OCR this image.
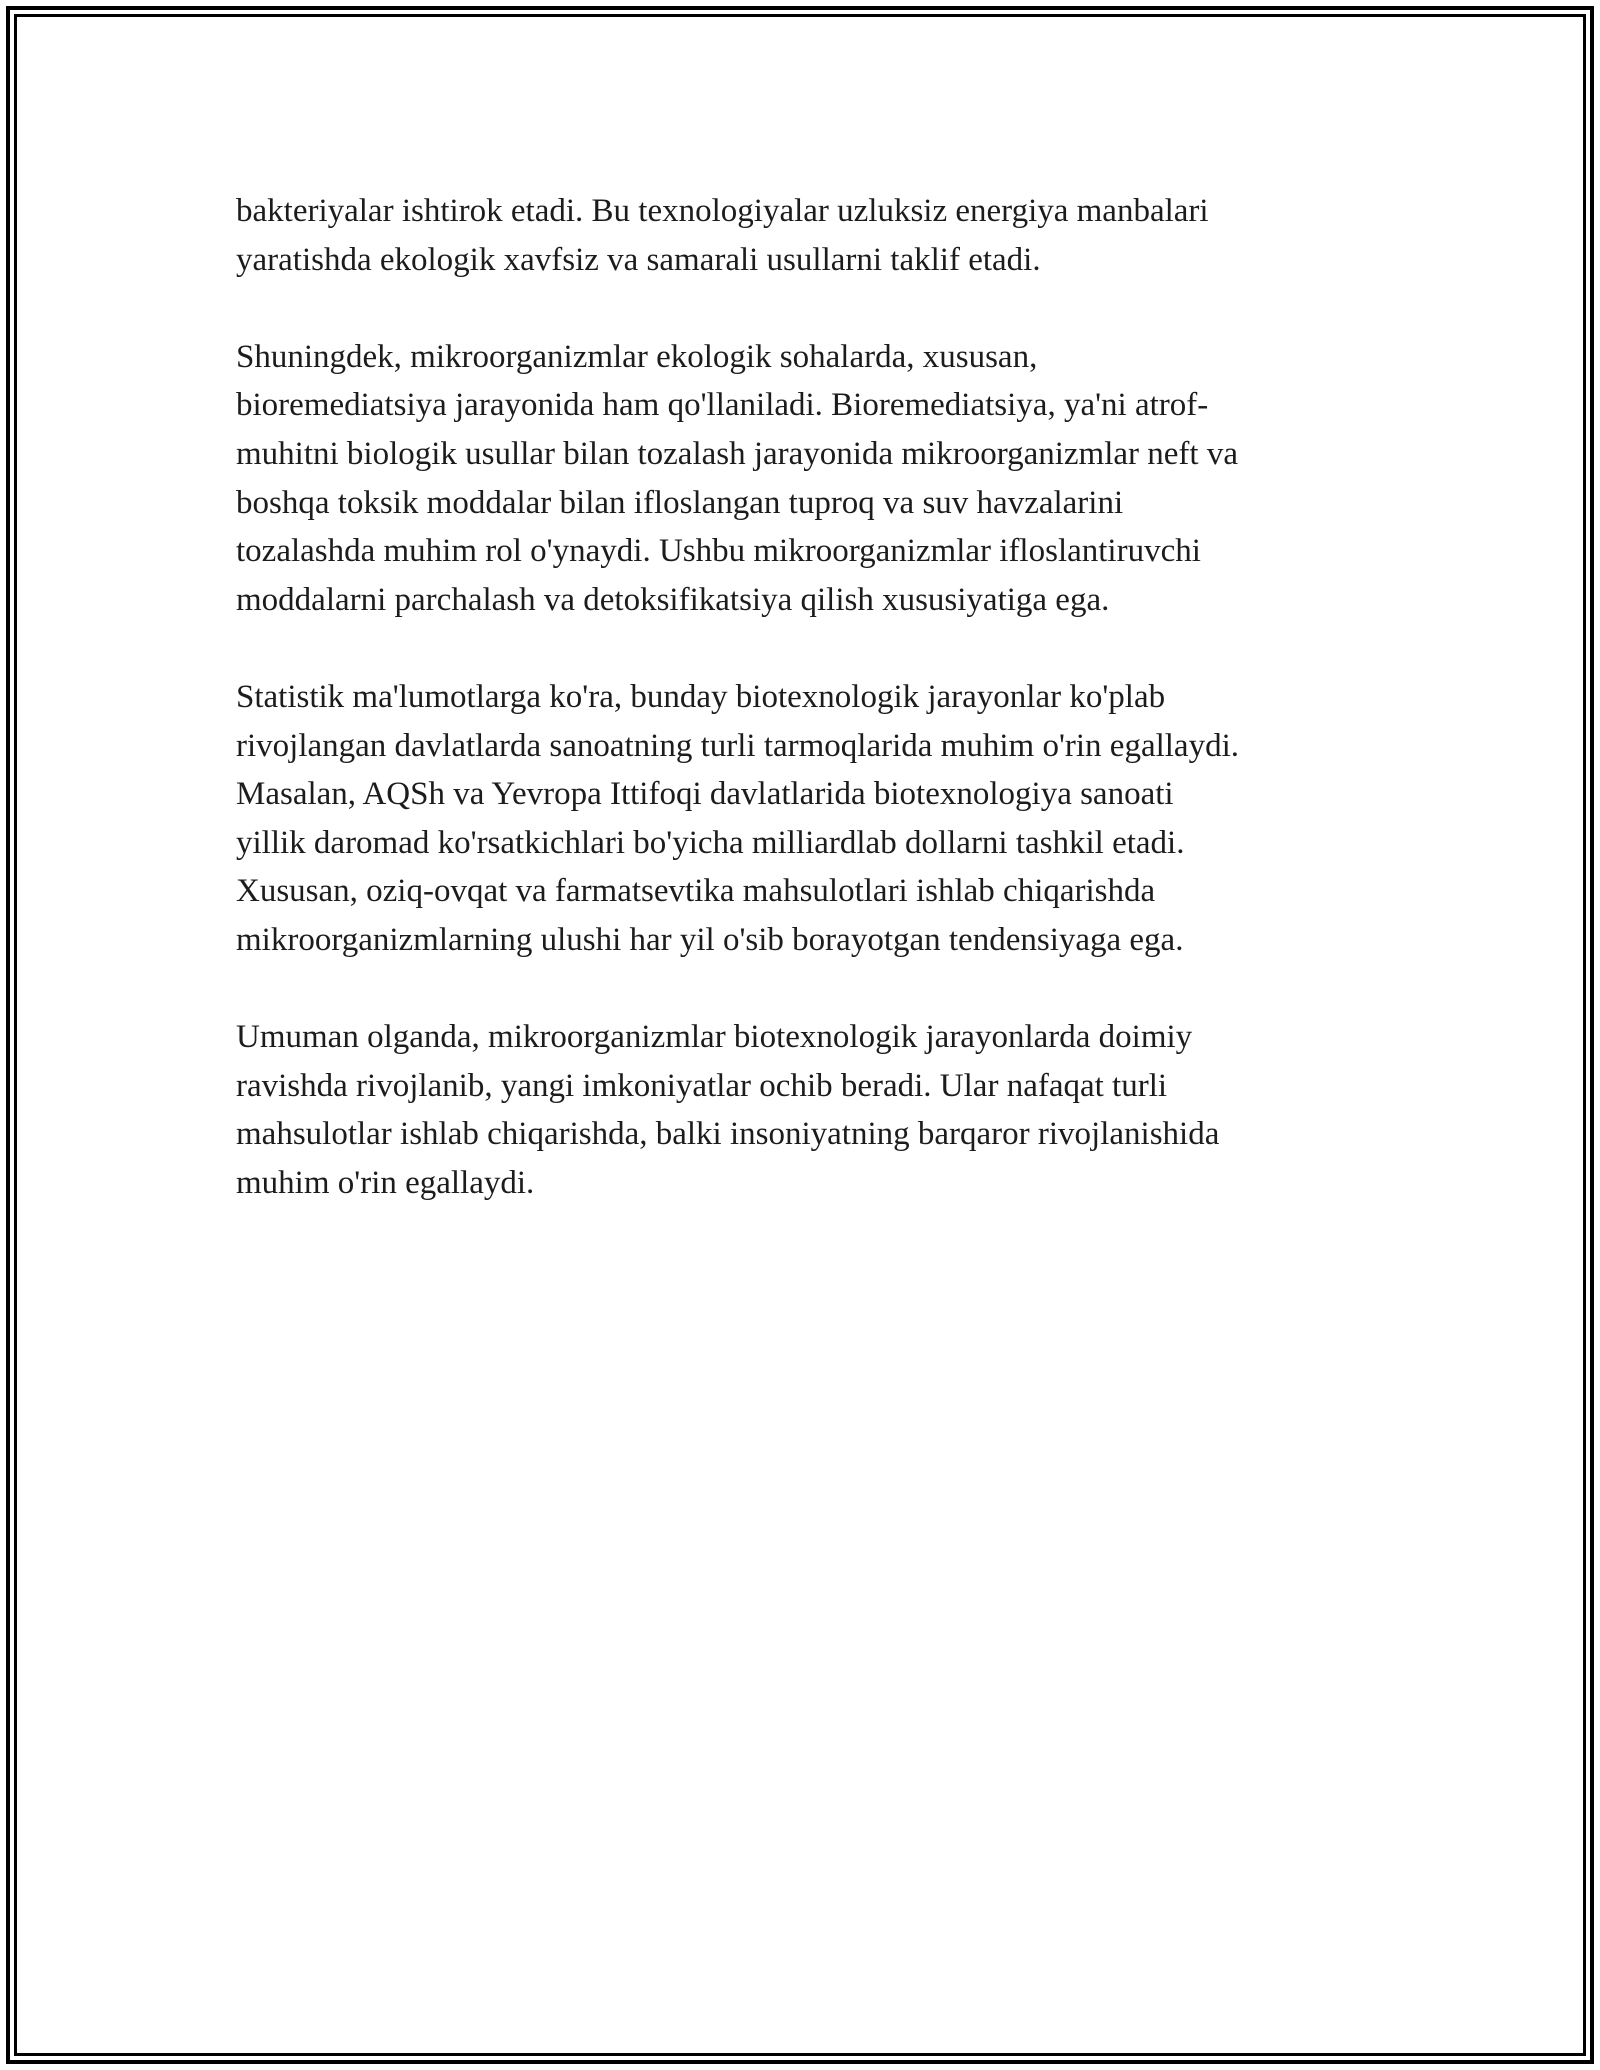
bakteriyalar ishtirok etadi. Bu texnologiyalar uzluksiz energiya manbalari
yaratishda ekologik xavfsiz va samarali usullarni taklif etadi.

Shuningdek, mikroorganizmlar ekologik sohalarda, xususan,
bioremediatsiya jarayonida ham qo'llaniladi. Bioremediatsiya, ya'ni atrof-
muhitni biologik usullar bilan tozalash jarayonida mikroorganizmlar neft va
boshqa toksik moddalar bilan ifloslangan tuproq va suv havzalarini
tozalashda muhim rol o'ynaydi. Ushbu mikroorganizmlar ifloslantiruvchi
moddalarni parchalash va detoksifikatsiya qilish xususiyatiga ega.

Statistik ma'lumotlarga ko'ra, bunday biotexnologik jarayonlar ko'plab
rivojlangan davlatlarda sanoatning turli tarmoqlarida muhim o'rin egallaydi.
Masalan, AQSh va Yevropa Ittifoqi davlatlarida biotexnologiya sanoati
yillik daromad ko'rsatkichlari bo'yicha milliardlab dollarni tashkil etadi.
Xususan, oziq-ovqat va farmatsevtika mahsulotlari ishlab chiqarishda
mikroorganizmlarning ulushi har yil o'sib borayotgan tendensiyaga ega.

Umuman olganda, mikroorganizmlar biotexnologik jarayonlarda doimiy
ravishda rivojlanib, yangi imkoniyatlar ochib beradi. Ular nafaqat turli
mahsulotlar ishlab chiqarishda, balki insoniyatning barqaror rivojlanishida
muhim o'rin egallaydi.
